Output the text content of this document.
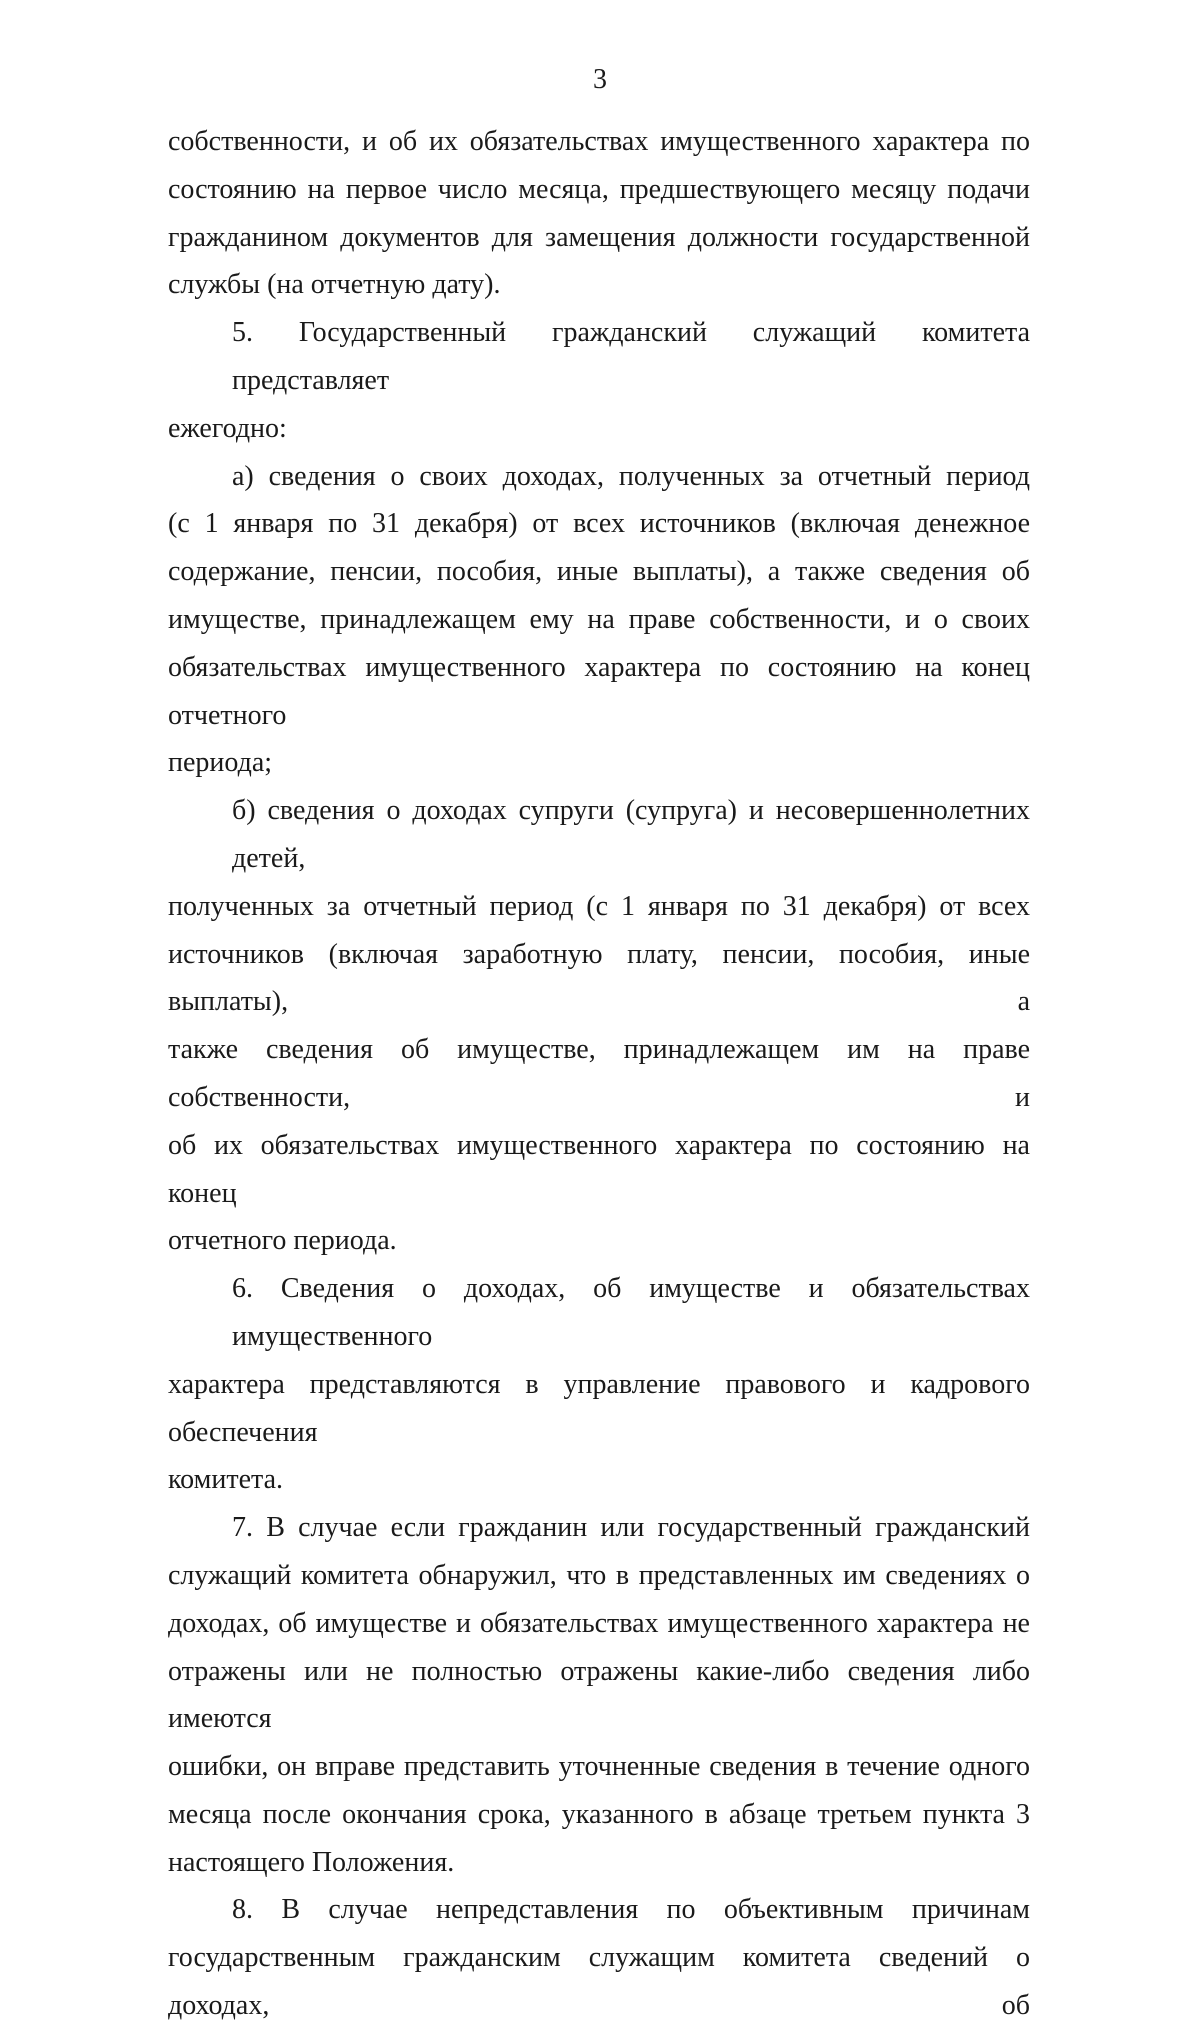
3

собственности, и об их обязательствах имущественного характера по
состоянию на первое число месяца, предшествующего месяцу подачи
гражданином документов для замещения должности государственной
службы (на отчетную дату).

5. Государственный гражданский служащий комитета представляет
ежегодно:

а) сведения о своих доходах, полученных за отчетный период
(с 1 января по 31 декабря) от всех источников (включая денежное
содержание, пенсии, пособия, иные выплаты), а также сведения об
имуществе, принадлежащем ему на праве собственности, и о своих
обязательствах имущественного характера по состоянию на конец отчетного
периода;

б) сведения о доходах супруги (супруга) и несовершеннолетних детей,
полученных за отчетный период (с 1 января по 31 декабря) от всех
источников (включая заработную плату, пенсии, пособия, иные выплаты), а
также сведения об имуществе, принадлежащем им на праве собственности, и
об их обязательствах имущественного характера по состоянию на конец
отчетного периода.

6. Сведения о доходах, об имуществе и обязательствах имущественного
характера представляются в управление правового и кадрового обеспечения
комитета.

7. В случае если гражданин или государственный гражданский
служащий комитета обнаружил, что в представленных им сведениях о
доходах, об имуществе и обязательствах имущественного характера не
отражены или не полностью отражены какие-либо сведения либо имеются
ошибки, он вправе представить уточненные сведения в течение одного
месяца после окончания срока, указанного в абзаце третьем пункта 3
настоящего Положения.

8. В случае непредставления по объективным причинам
государственным гражданским служащим комитета сведений о доходах, об
